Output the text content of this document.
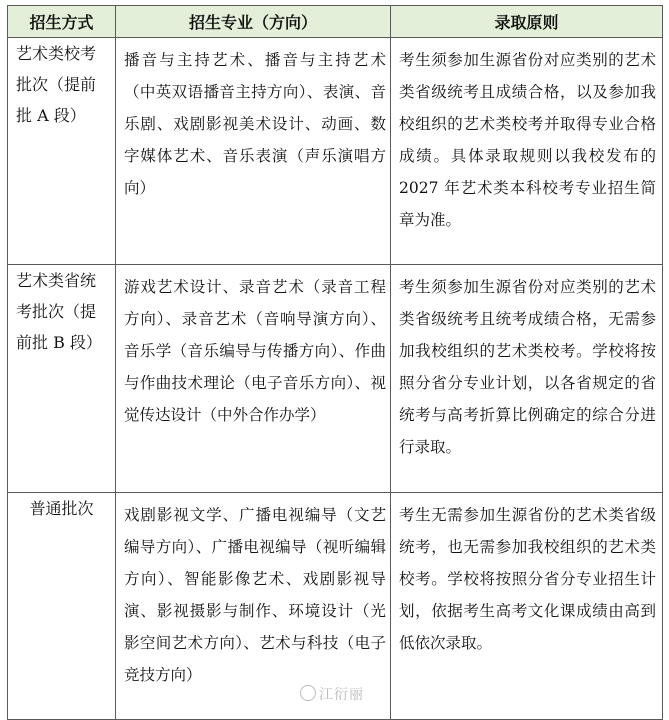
招生方式	招生专业（方向）	录取原则
艺术类校考批次（提前批 A 段）	播音与主持艺术、播音与主持艺术（中英双语播音主持方向）、表演、音乐剧、戏剧影视美术设计、动画、数字媒体艺术、音乐表演（声乐演唱方向）	考生须参加生源省份对应类别的艺术类省级统考且成绩合格，以及参加我校组织的艺术类校考并取得专业合格成绩。具体录取规则以我校发布的 2027 年艺术类本科校考专业招生简章为准。
艺术类省统考批次（提前批 B 段）	游戏艺术设计、录音艺术（录音工程方向）、录音艺术（音响导演方向）、音乐学（音乐编导与传播方向）、作曲与作曲技术理论（电子音乐方向）、视觉传达设计（中外合作办学）	考生须参加生源省份对应类别的艺术类省级统考且统考成绩合格，无需参加我校组织的艺术类校考。学校将按照分省分专业计划，以各省规定的省统考与高考折算比例确定的综合分进行录取。
普通批次	戏剧影视文学、广播电视编导（文艺编导方向）、广播电视编导（视听编辑方向）、智能影像艺术、戏剧影视导演、影视摄影与制作、环境设计（光影空间艺术方向）、艺术与科技（电子竞技方向）	考生无需参加生源省份的艺术类省级统考，也无需参加我校组织的艺术类校考。学校将按照分省分专业招生计划，依据考生高考文化课成绩由高到低依次录取。
江衍丽
